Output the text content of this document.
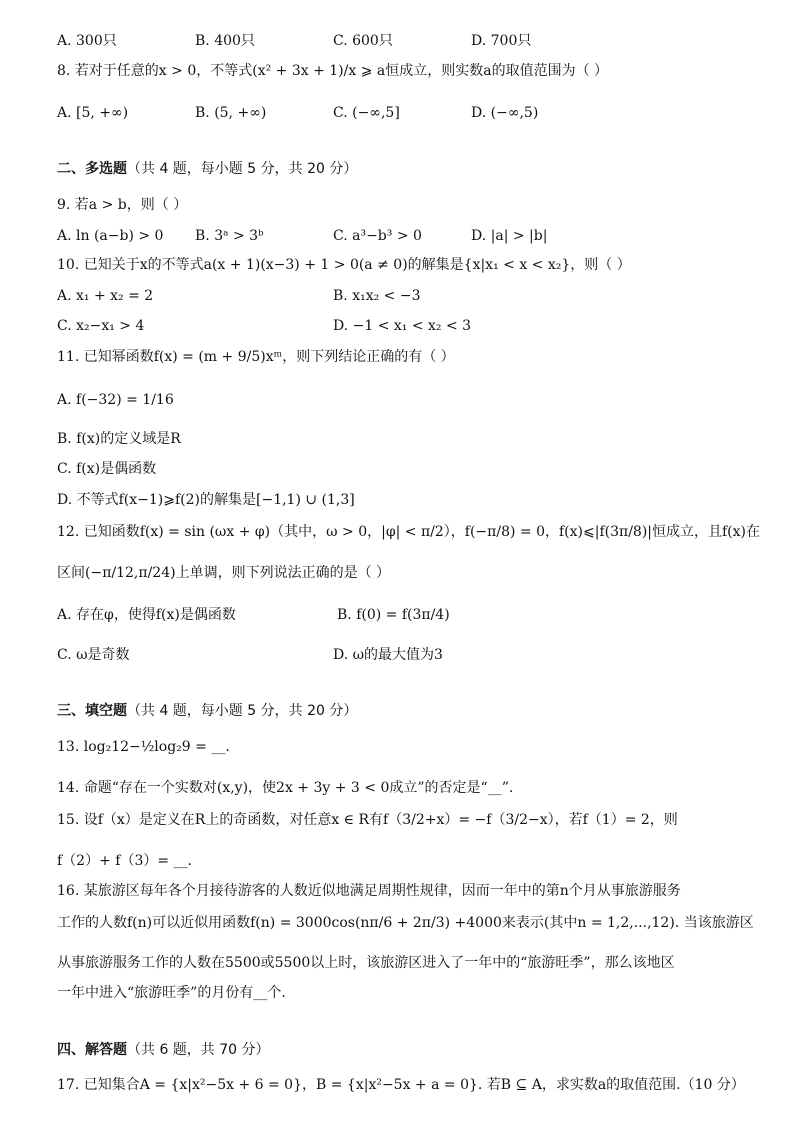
A. 300只	B. 400只	C. 600只	D. 700只
8. 若对于任意的x > 0，不等式(x² + 3x + 1)/x ⩾ a恒成立，则实数a的取值范围为（ ）
A. [5, +∞)	B. (5, +∞)	C. (−∞,5]	D. (−∞,5)
二、多选题（共 4 题，每小题 5 分，共 20 分）
9. 若a > b，则（ ）
A. ln (a−b) > 0 B. 3ᵃ > 3ᵇ	C. a³−b³ > 0	D. |a| > |b|
10. 已知关于x的不等式a(x + 1)(x−3) + 1 > 0(a ≠ 0)的解集是{x|x₁ < x < x₂}，则（ ）
A. x₁ + x₂ = 2	B. x₁x₂ < −3
C. x₂−x₁ > 4	D. −1 < x₁ < x₂ < 3
11. 已知幂函数f(x) = (m + 9/5)xᵐ，则下列结论正确的有（ ）
A. f(−32) = 1/16
B. f(x)的定义域是R
C. f(x)是偶函数
D. 不等式f(x−1)⩾f(2)的解集是[−1,1) ∪ (1,3]
12. 已知函数f(x) = sin (ωx + φ)（其中，ω > 0，|φ| < π/2），f(−π/8) = 0，f(x)⩽|f(3π/8)|恒成立，且f(x)在
区间(−π/12,π/24)上单调，则下列说法正确的是（ ）
A. 存在φ，使得f(x)是偶函数	B. f(0) = f(3π/4)
C. ω是奇数	D. ω的最大值为3
三、填空题（共 4 题，每小题 5 分，共 20 分）
13. log₂12−½log₂9 = __.
14. 命题“存在一个实数对(x,y)，使2x + 3y + 3 < 0成立”的否定是“__”.
15. 设f（x）是定义在R上的奇函数，对任意x ∈ R有f（3/2+x）= −f（3/2−x），若f（1）= 2，则
f（2）+ f（3）= __.
16. 某旅游区每年各个月接待游客的人数近似地满足周期性规律，因而一年中的第n个月从事旅游服务
工作的人数f(n)可以近似用函数f(n) = 3000cos(nπ/6 + 2π/3) +4000来表示(其中n = 1,2,...,12). 当该旅游区
从事旅游服务工作的人数在5500或5500以上时，该旅游区进入了一年中的“旅游旺季”，那么该地区
一年中进入“旅游旺季”的月份有__个.
四、解答题（共 6 题，共 70 分）
17. 已知集合A = {x|x²−5x + 6 = 0}，B = {x|x²−5x + a = 0}. 若B ⊆ A，求实数a的取值范围.（10 分）
